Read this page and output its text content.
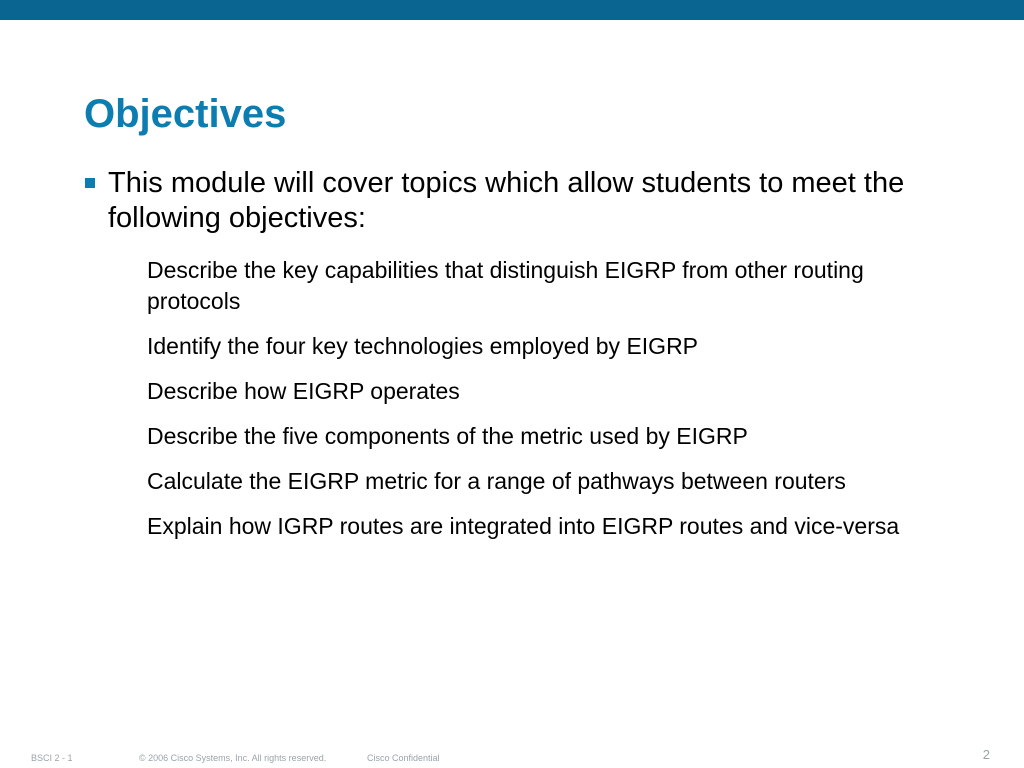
Objectives
This module will cover topics which allow students to meet the following objectives:
Describe the key capabilities that distinguish EIGRP from other routing protocols
Identify the four key technologies employed by EIGRP
Describe how EIGRP operates
Describe the five components of the metric used by EIGRP
Calculate the EIGRP metric for a range of pathways between routers
Explain how IGRP routes are integrated into EIGRP routes and vice-versa
BSCI 2 - 1	© 2006 Cisco Systems, Inc. All rights reserved.	Cisco Confidential	2
